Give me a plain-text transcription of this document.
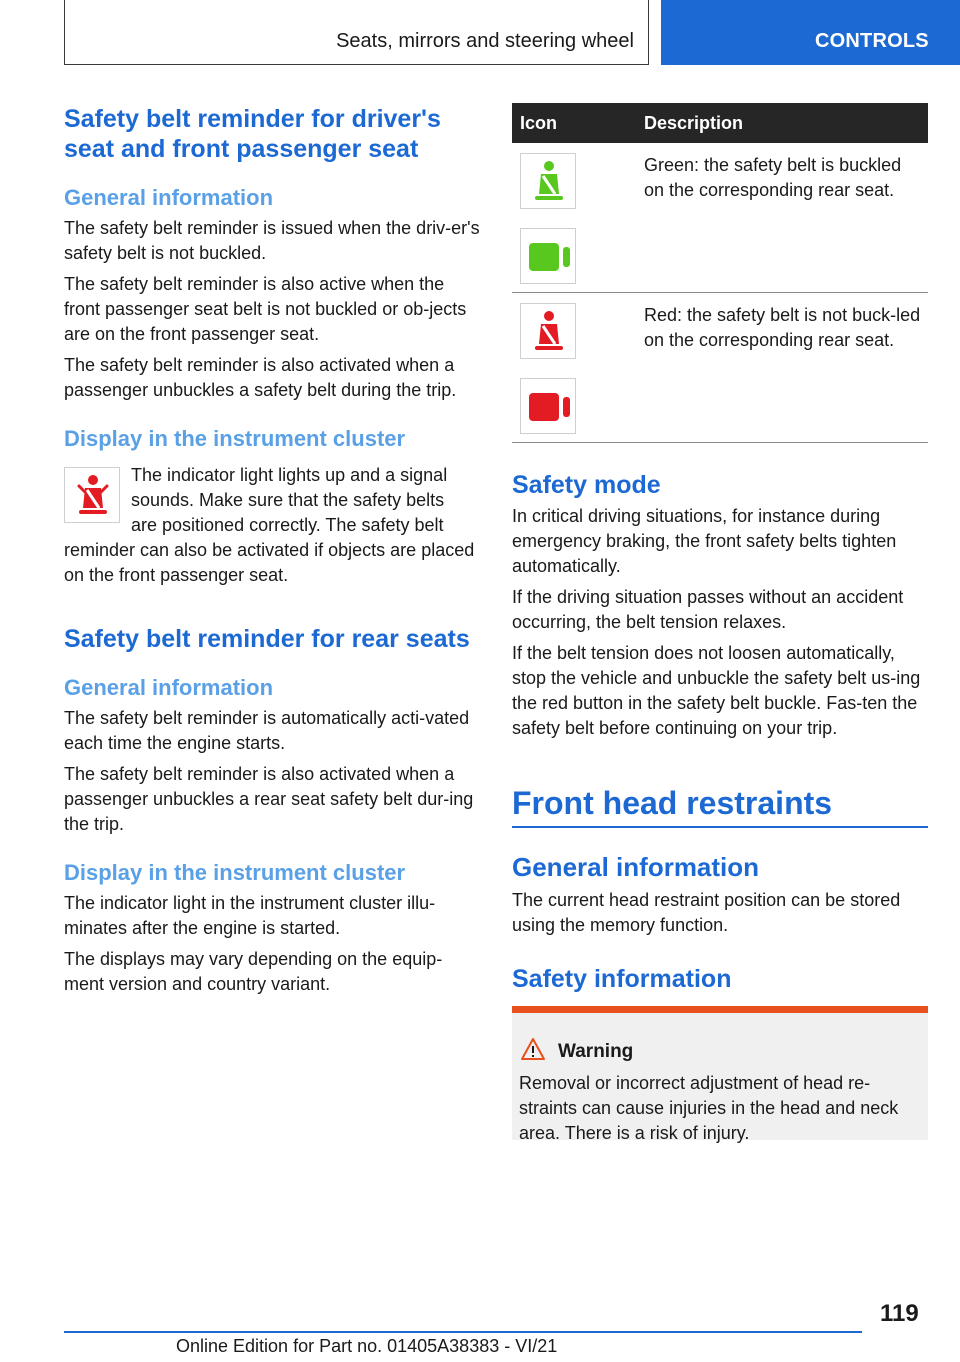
Seats, mirrors and steering wheel	CONTROLS
Safety belt reminder for driver's seat and front passenger seat
General information

The safety belt reminder is issued when the driv‐er's safety belt is not buckled.

The safety belt reminder is also active when the front passenger seat belt is not buckled or ob‐jects are on the front passenger seat.

The safety belt reminder is also activated when a passenger unbuckles a safety belt during the trip.

Display in the instrument cluster

The indicator light lights up and a signal

sounds. Make sure that the safety belts

are positioned correctly. The safety belt

reminder can also be activated if objects are placed on the front passenger seat.

Safety belt reminder for rear seats
General information

The safety belt reminder is automatically acti‐vated each time the engine starts.

The safety belt reminder is also activated when a passenger unbuckles a rear seat safety belt dur‐ing the trip.

Display in the instrument cluster

The indicator light in the instrument cluster illu‐minates after the engine is started.

The displays may vary depending on the equip‐ment version and country variant.

Icon	Description
Green: the safety belt is buckled on the corresponding rear seat.
Red: the safety belt is not buck‐led on the corresponding rear seat.
Safety mode

In critical driving situations, for instance during emergency braking, the front safety belts tighten automatically.

If the driving situation passes without an accident occurring, the belt tension relaxes.

If the belt tension does not loosen automatically, stop the vehicle and unbuckle the safety belt us‐ing the red button in the safety belt buckle. Fas‐ten the safety belt before continuing on your trip.

Front head restraints
General information

The current head restraint position can be stored using the memory function.

Safety information
Warning

Removal or incorrect adjustment of head re‐straints can cause injuries in the head and neck area. There is a risk of injury.

119
Online Edition for Part no. 01405A38383 - VI/21
